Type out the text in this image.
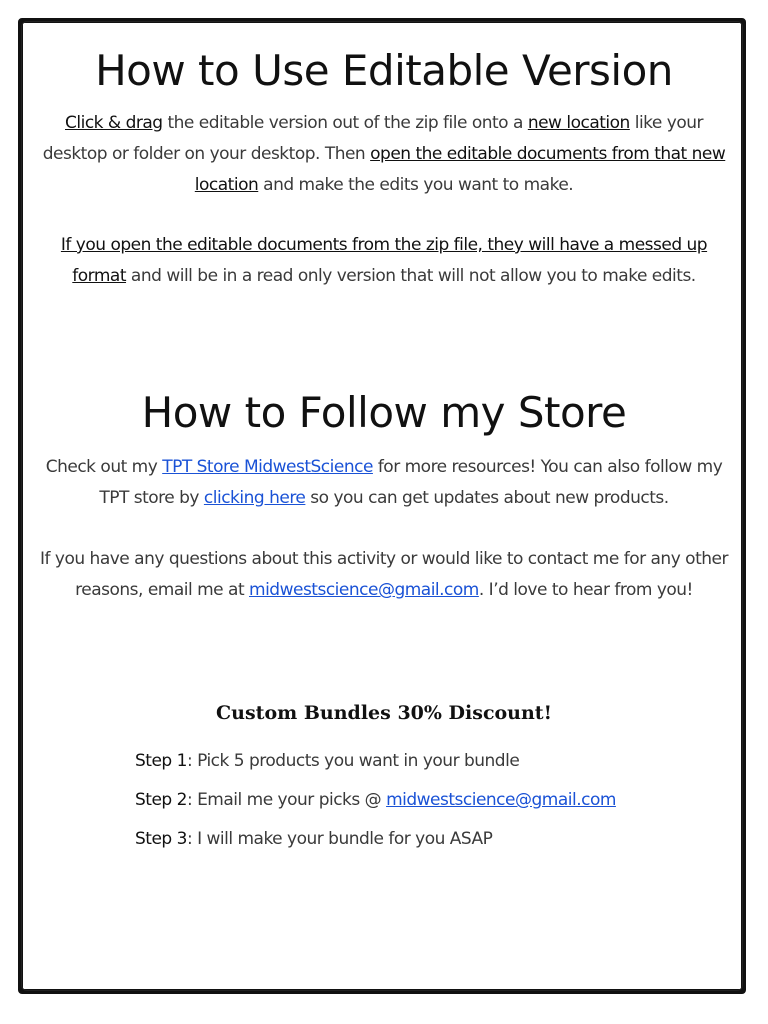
How to Use Editable Version

Click & drag the editable version out of the zip file onto a new location like your desktop or folder on your desktop. Then open the editable documents from that new location and make the edits you want to make.

If you open the editable documents from the zip file, they will have a messed up format and will be in a read only version that will not allow you to make edits.

How to Follow my Store

Check out my TPT Store MidwestScience for more resources! You can also follow my TPT store by clicking here so you can get updates about new products.

If you have any questions about this activity or would like to contact me for any other reasons, email me at midwestscience@gmail.com. I’d love to hear from you!

Custom Bundles 30% Discount!
Step 1: Pick 5 products you want in your bundle
Step 2: Email me your picks @ midwestscience@gmail.com
Step 3: I will make your bundle for you ASAP
